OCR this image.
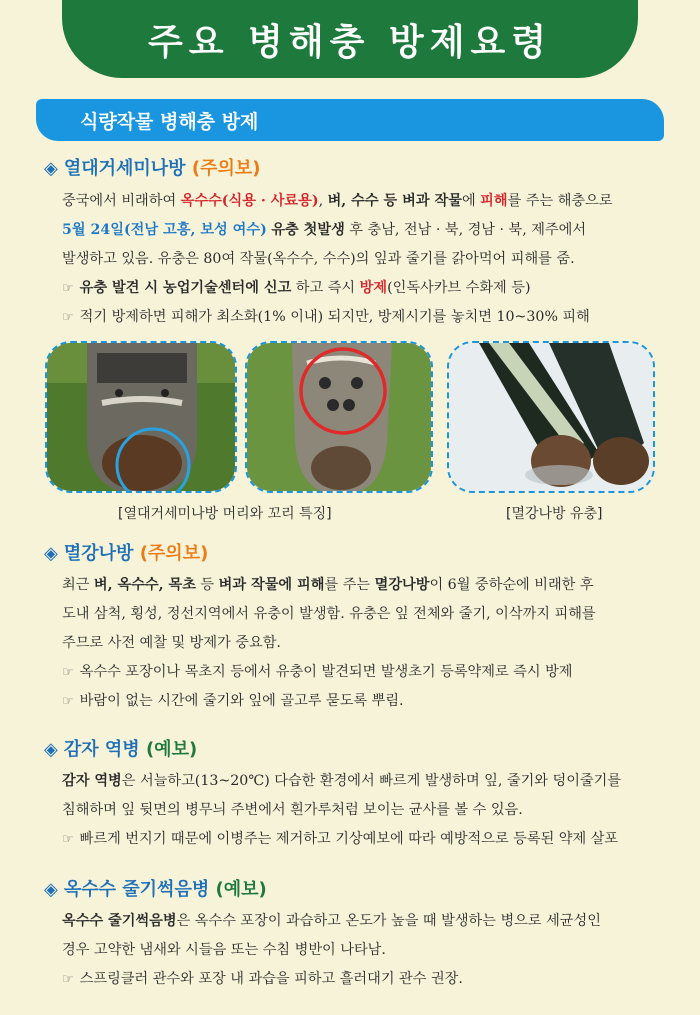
주요 병해충 방제요령
식량작물 병해충 방제
◈ 열대거세미나방 (주의보)
중국에서 비래하여 옥수수(식용 · 사료용), 벼, 수수 등 벼과 작물에 피해를 주는 해충으로
5월 24일(전남 고흥, 보성 여수) 유충 첫발생 후 충남, 전남 · 북, 경남 · 북, 제주에서
발생하고 있음. 유충은 80여 작물(옥수수, 수수)의 잎과 줄기를 갉아먹어 피해를 줌.
☞ 유충 발견 시 농업기술센터에 신고 하고 즉시 방제(인독사카브 수화제 등)
☞ 적기 방제하면 피해가 최소화(1% 이내) 되지만, 방제시기를 놓치면 10~30% 피해
[열대거세미나방 머리와 꼬리 특징]	[멸강나방 유충]
◈ 멸강나방 (주의보)
최근 벼, 옥수수, 목초 등 벼과 작물에 피해를 주는 멸강나방이 6월 중하순에 비래한 후
도내 삼척, 횡성, 정선지역에서 유충이 발생함. 유충은 잎 전체와 줄기, 이삭까지 피해를
주므로 사전 예찰 및 방제가 중요함.
☞ 옥수수 포장이나 목초지 등에서 유충이 발견되면 발생초기 등록약제로 즉시 방제
☞ 바람이 없는 시간에 줄기와 잎에 골고루 묻도록 뿌림.
◈ 감자 역병 (예보)
감자 역병은 서늘하고(13~20℃) 다습한 환경에서 빠르게 발생하며 잎, 줄기와 덩이줄기를
침해하며 잎 뒷면의 병무늬 주변에서 흰가루처럼 보이는 균사를 볼 수 있음.
☞ 빠르게 번지기 때문에 이병주는 제거하고 기상예보에 따라 예방적으로 등록된 약제 살포
◈ 옥수수 줄기썩음병 (예보)
옥수수 줄기썩음병은 옥수수 포장이 과습하고 온도가 높을 때 발생하는 병으로 세균성인
경우 고약한 냄새와 시들음 또는 수침 병반이 나타남.
☞ 스프링클러 관수와 포장 내 과습을 피하고 흘러대기 관수 권장.
